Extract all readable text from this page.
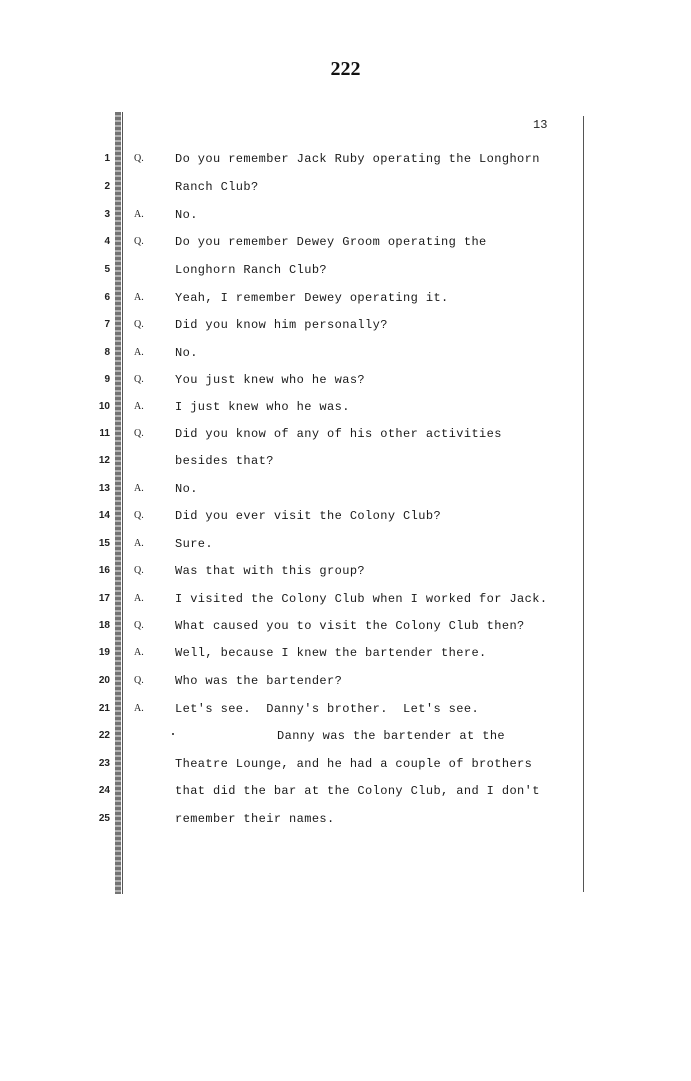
222
13
1 Q.	Do you remember Jack Ruby operating the Longhorn
2	Ranch Club?
3 A.	No.
4 Q.	Do you remember Dewey Groom operating the
5	Longhorn Ranch Club?
6 A.	Yeah, I remember Dewey operating it.
7 Q.	Did you know him personally?
8 A.	No.
9 Q.	You just knew who he was?
10 A.	I just knew who he was.
11 Q.	Did you know of any of his other activities
12	besides that?
13 A.	No.
14 Q.	Did you ever visit the Colony Club?
15 A.	Sure.
16 Q.	Was that with this group?
17 A.	I visited the Colony Club when I worked for Jack.
18 Q.	What caused you to visit the Colony Club then?
19 A.	Well, because I knew the bartender there.
20 Q.	Who was the bartender?
21 A.	Let's see.  Danny's brother.  Let's see.
22	Danny was the bartender at the
23	Theatre Lounge, and he had a couple of brothers
24	that did the bar at the Colony Club, and I don't
25	remember their names.
